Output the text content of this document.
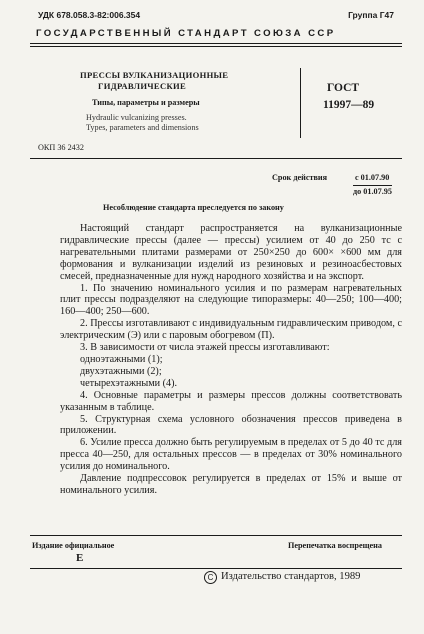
УДК 678.058.3-82:006.354	Группа Г47
ГОСУДАРСТВЕННЫЙ СТАНДАРТ СОЮЗА ССР
ПРЕССЫ ВУЛКАНИЗАЦИОННЫЕ
ГИДРАВЛИЧЕСКИЕ
Типы, параметры и размеры
Hydraulic vulcanizing presses.
Types, parameters and dimensions
ГОСТ
11997—89
ОКП 36 2432
Срок действия	с 01.07.90
до 01.07.95
Несоблюдение стандарта преследуется по закону

Настоящий стандарт распространяется на вулканизационные гидравлические прессы (далее — прессы) усилием от 40 до 250 тс с нагревательными плитами размерами от 250×250 до 600× ×600 мм для формования и вулканизации изделий из резиновых и резинoасбестовых смесей, предназначенные для нужд народного хозяйства и на экспорт.

1. По значению номинального усилия и по размерам нагревательных плит прессы подразделяют на следующие типоразмеры: 40—250; 100—400; 160—400; 250—600.

2. Прессы изготавливают с индивидуальным гидравлическим приводом, с электрическим (Э) или с паровым обогревом (П).

3. В зависимости от числа этажей прессы изготавливают:

одноэтажными (1);

двухэтажными (2);

четырехэтажными (4).

4. Основные параметры и размеры прессов должны соответствовать указанным в таблице.

5. Структурная схема условного обозначения прессов приведена в приложении.

6. Усилие пресса должно быть регулируемым в пределах от 5 до 40 тс для пресса 40—250, для остальных прессов — в пределах от 30% номинального усилия до номинального.

Давление подпрессовок регулируется в пределах от 15% и выше от номинального усилия.

Издание официальное	Перепечатка воспрещена
Е
C Издательство стандартов, 1989
